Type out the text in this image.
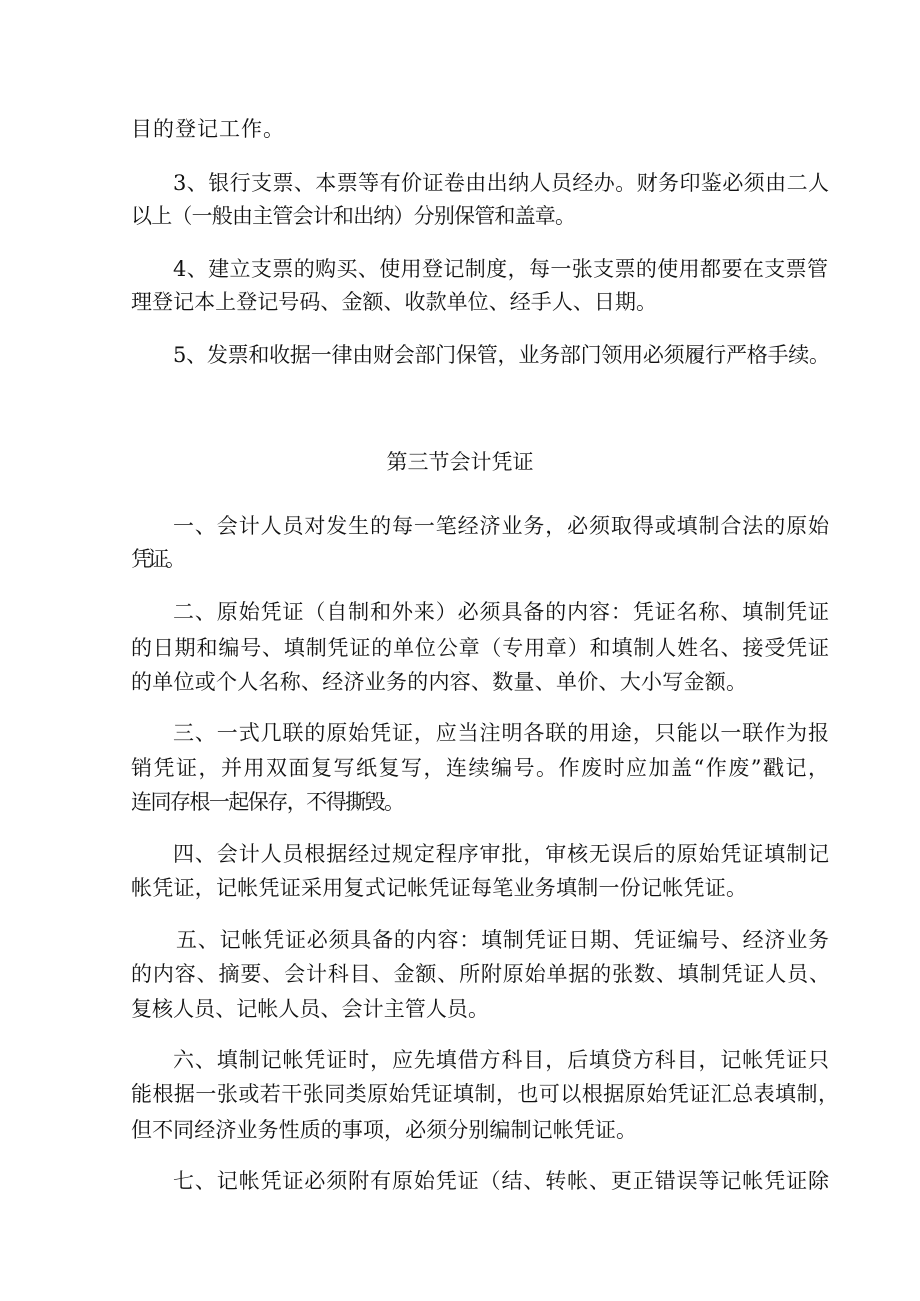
目的登记工作。
3、银行支票、本票等有价证卷由出纳人员经办。财务印鉴必须由二人
以上（一般由主管会计和出纳）分别保管和盖章。
4、建立支票的购买、使用登记制度，每一张支票的使用都要在支票管
理登记本上登记号码、金额、收款单位、经手人、日期。
5、发票和收据一律由财会部门保管，业务部门领用必须履行严格手续。
第三节会计凭证
一、会计人员对发生的每一笔经济业务，必须取得或填制合法的原始
凭证。
二、原始凭证（自制和外来）必须具备的内容：凭证名称、填制凭证
的日期和编号、填制凭证的单位公章（专用章）和填制人姓名、接受凭证
的单位或个人名称、经济业务的内容、数量、单价、大小写金额。
三、一式几联的原始凭证，应当注明各联的用途，只能以一联作为报
销凭证，并用双面复写纸复写，连续编号。作废时应加盖“作废”戳记，
连同存根一起保存，不得撕毁。
四、会计人员根据经过规定程序审批，审核无误后的原始凭证填制记
帐凭证，记帐凭证采用复式记帐凭证每笔业务填制一份记帐凭证。
五、记帐凭证必须具备的内容：填制凭证日期、凭证编号、经济业务
的内容、摘要、会计科目、金额、所附原始单据的张数、填制凭证人员、
复核人员、记帐人员、会计主管人员。
六、填制记帐凭证时，应先填借方科目，后填贷方科目，记帐凭证只
能根据一张或若干张同类原始凭证填制，也可以根据原始凭证汇总表填制，
但不同经济业务性质的事项，必须分别编制记帐凭证。
七、记帐凭证必须附有原始凭证（结、转帐、更正错误等记帐凭证除
